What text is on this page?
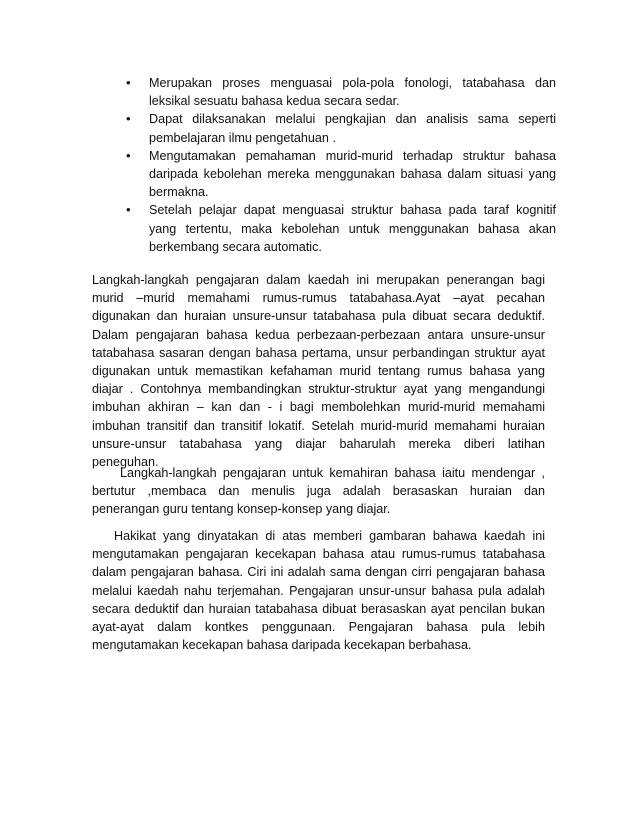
• Merupakan proses menguasai pola-pola fonologi, tatabahasa dan leksikal sesuatu bahasa kedua secara sedar.
• Dapat dilaksanakan melalui pengkajian dan analisis sama seperti pembelajaran ilmu pengetahuan .
• Mengutamakan pemahaman murid-murid terhadap struktur bahasa daripada kebolehan mereka menggunakan bahasa dalam situasi yang bermakna.
• Setelah pelajar dapat menguasai struktur bahasa pada taraf kognitif yang tertentu, maka kebolehan untuk menggunakan bahasa akan berkembang secara automatic.

Langkah-langkah pengajaran dalam kaedah ini merupakan penerangan bagi murid –murid memahami rumus-rumus tatabahasa.Ayat –ayat pecahan digunakan dan huraian unsure-unsur tatabahasa pula dibuat secara deduktif. Dalam pengajaran bahasa kedua perbezaan-perbezaan antara unsure-unsur tatabahasa sasaran dengan bahasa pertama, unsur perbandingan struktur ayat digunakan untuk memastikan kefahaman murid tentang rumus bahasa yang diajar . Contohnya membandingkan struktur-struktur ayat yang mengandungi imbuhan akhiran – kan dan - i bagi membolehkan murid-murid memahami imbuhan transitif dan transitif lokatif. Setelah murid-murid memahami huraian unsure-unsur tatabahasa yang diajar baharulah mereka diberi latihan peneguhan.

Langkah-langkah pengajaran untuk kemahiran bahasa iaitu mendengar , bertutur ,membaca dan menulis juga adalah berasaskan huraian dan penerangan guru tentang konsep-konsep yang diajar.

Hakikat yang dinyatakan di atas memberi gambaran bahawa kaedah ini mengutamakan pengajaran kecekapan bahasa atau rumus-rumus tatabahasa dalam pengajaran bahasa. Ciri ini adalah sama dengan cirri pengajaran bahasa melalui kaedah nahu terjemahan. Pengajaran unsur-unsur bahasa pula adalah secara deduktif dan huraian tatabahasa dibuat berasaskan ayat pencilan bukan ayat-ayat dalam kontkes penggunaan. Pengajaran bahasa pula lebih mengutamakan kecekapan bahasa daripada kecekapan berbahasa.
